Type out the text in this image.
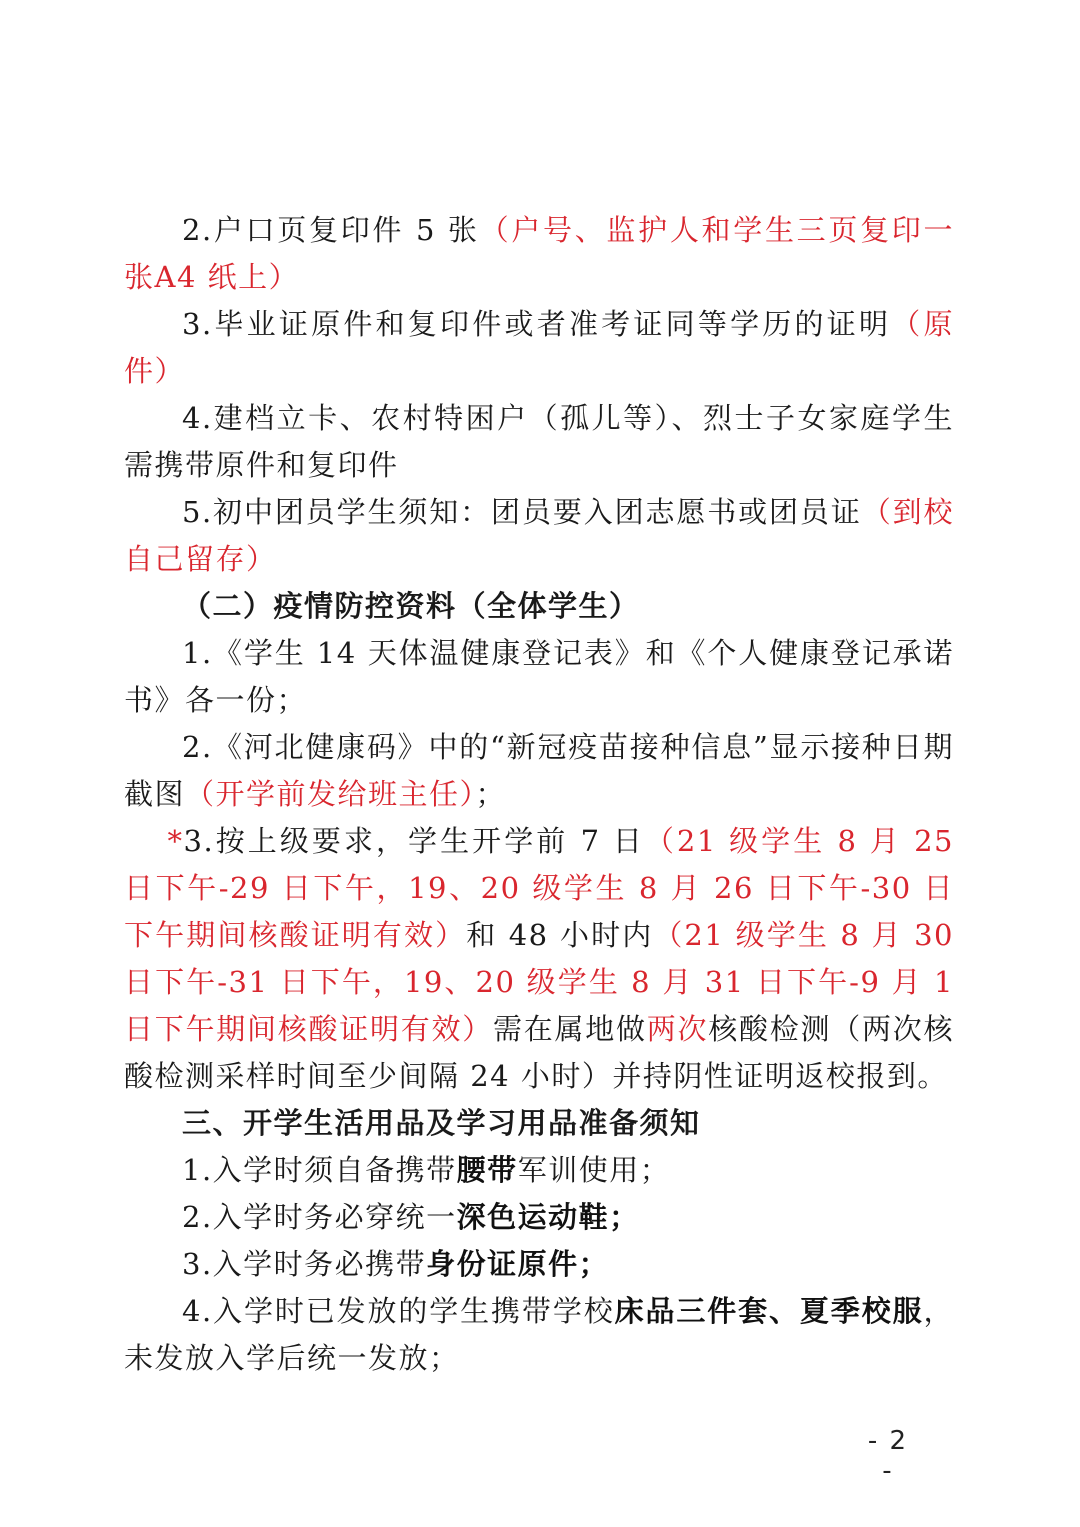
2.户口页复印件 5 张（户号、监护人和学生三页复印一张A4 纸上）

3.毕业证原件和复印件或者准考证同等学历的证明（原件）

4.建档立卡、农村特困户（孤儿等）、烈士子女家庭学生需携带原件和复印件

5.初中团员学生须知：团员要入团志愿书或团员证（到校自己留存）

（二）疫情防控资料（全体学生）

1.《学生 14 天体温健康登记表》和《个人健康登记承诺书》各一份；

2.《河北健康码》中的“新冠疫苗接种信息”显示接种日期截图（开学前发给班主任）；

*3.按上级要求，学生开学前 7 日（21 级学生 8 月 25 日下午-29 日下午，19、20 级学生 8 月 26 日下午-30 日下午期间核酸证明有效）和 48 小时内（21 级学生 8 月 30 日下午-31 日下午，19、20 级学生 8 月 31 日下午-9 月 1 日下午期间核酸证明有效）需在属地做两次核酸检测（两次核酸检测采样时间至少间隔 24 小时）并持阴性证明返校报到。

三、开学生活用品及学习用品准备须知

1.入学时须自备携带腰带军训使用；

2.入学时务必穿统一深色运动鞋；

3.入学时务必携带身份证原件；

4.入学时已发放的学生携带学校床品三件套、夏季校服，未发放入学后统一发放；

- 2 -
